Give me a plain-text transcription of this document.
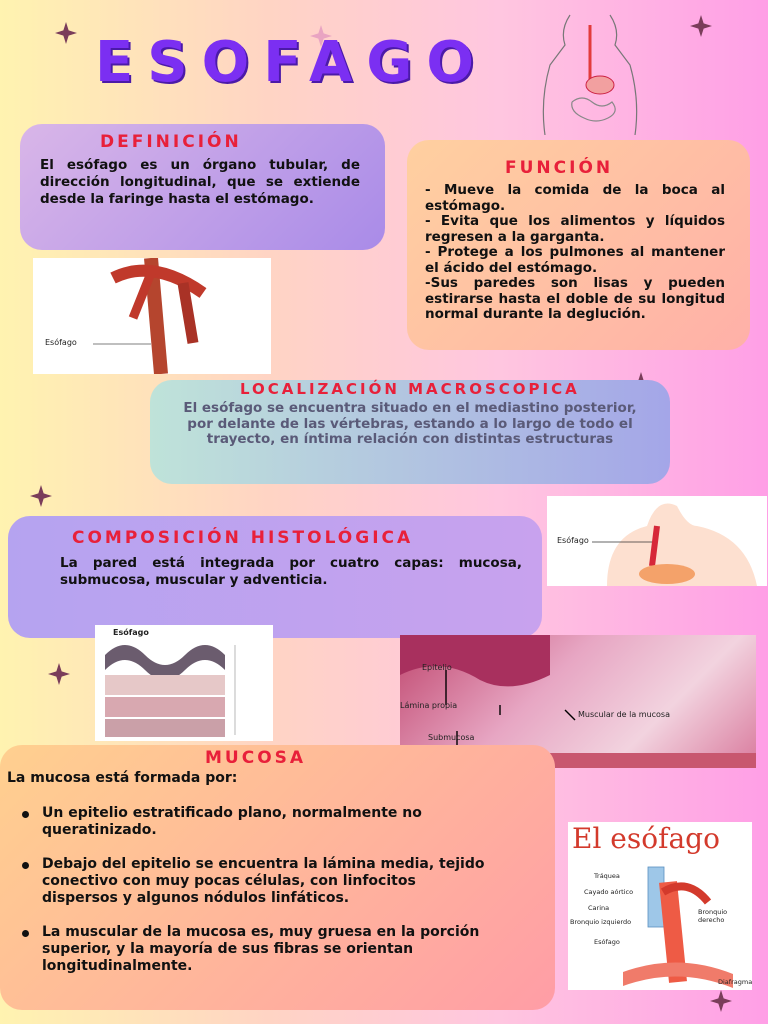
ESOFAGO
DEFINICIÓN
El esófago es un órgano tubular, de dirección longitudinal, que se extiende desde la faringe hasta el estómago.
Esófago
FUNCIÓN
- Mueve la comida de la boca al estómago.
- Evita que los alimentos y líquidos regresen a la garganta.
- Protege a los pulmones al mantener el ácido del estómago.
-Sus paredes son lisas y pueden estirarse hasta el doble de su longitud normal durante la deglución.
LOCALIZACIÓN MACROSCOPICA
El esófago se encuentra situado en el mediastino posterior, por delante de las vértebras, estando a lo largo de todo el trayecto, en íntima relación con distintas estructuras
Esófago
COMPOSICIÓN HISTOLÓGICA
La pared está integrada por cuatro capas: mucosa, submucosa, muscular y adventicia.
Esófago
Epitelio
Lámina propia
Muscular de la mucosa
Submucosa
MUCOSA
La mucosa está formada por:
Un epitelio estratificado plano, normalmente no queratinizado.
Debajo del epitelio se encuentra la lámina media, tejido conectivo con muy pocas células, con linfocitos dispersos y algunos nódulos linfáticos.
La muscular de la mucosa es, muy gruesa en la porción superior, y la mayoría de sus fibras se orientan longitudinalmente.
El esófago
Tráquea
Cayado aórtico
Carina
Bronquio izquierdo
Esófago
Bronquio derecho
Diafragma
